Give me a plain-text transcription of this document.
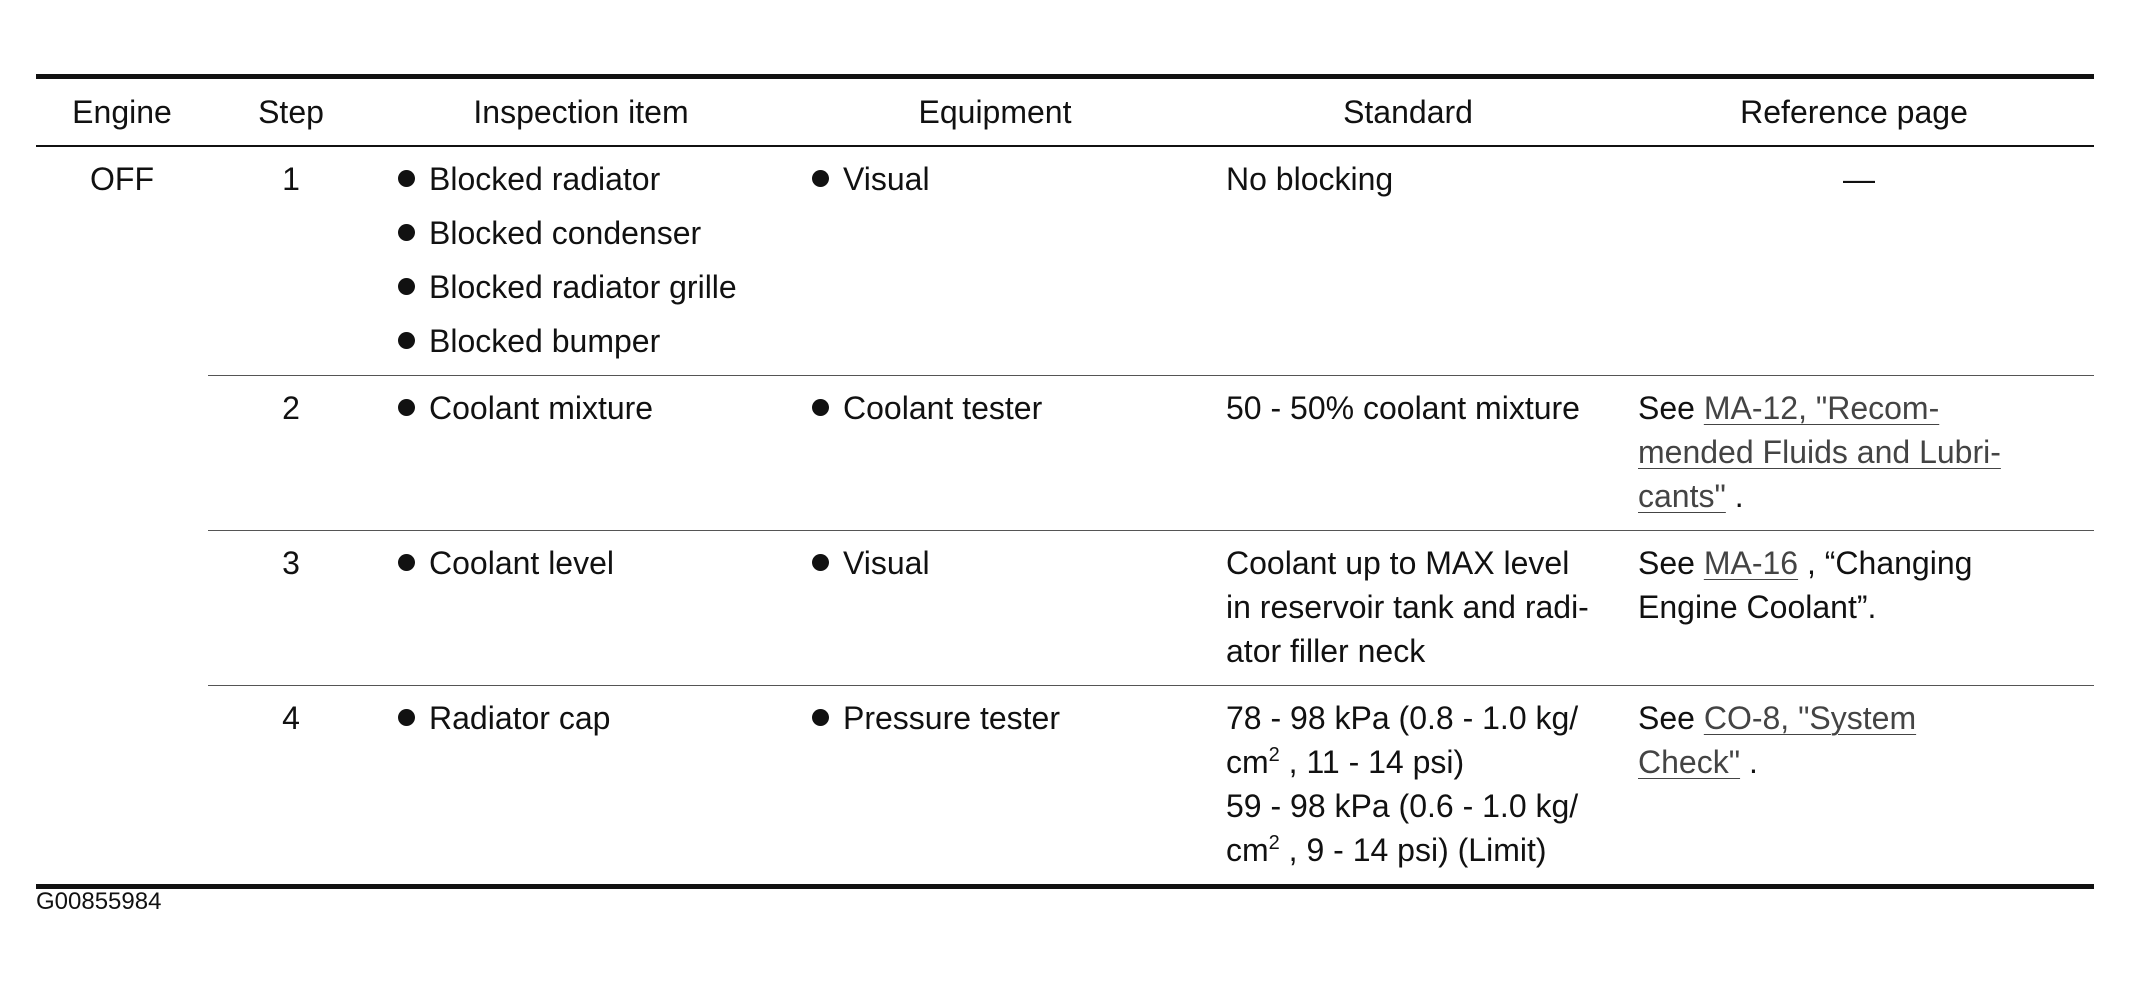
Engine	Step	Inspection item	Equipment	Standard	Reference page
OFF	1	Blocked radiator
Blocked condenser
Blocked radiator grille
Blocked bumper	Visual	No blocking	—
	2	Coolant mixture	Coolant tester	50 - 50% coolant mixture	See MA-12, "Recom-
mended Fluids and Lubri-
cants" .

	3	Coolant level	Visual	Coolant up to MAX level
in reservoir tank and radi-
ator filler neck	See MA-16 , “Changing
Engine Coolant”.

	4	Radiator cap	Pressure tester	78 - 98 kPa (0.8 - 1.0 kg/
$cm^2$ , 11 - 14 psi)
59 - 98 kPa (0.6 - 1.0 kg/
$cm^2$ , 9 - 14 psi) (Limit)	See CO-8, "System
Check" .
G00855984
